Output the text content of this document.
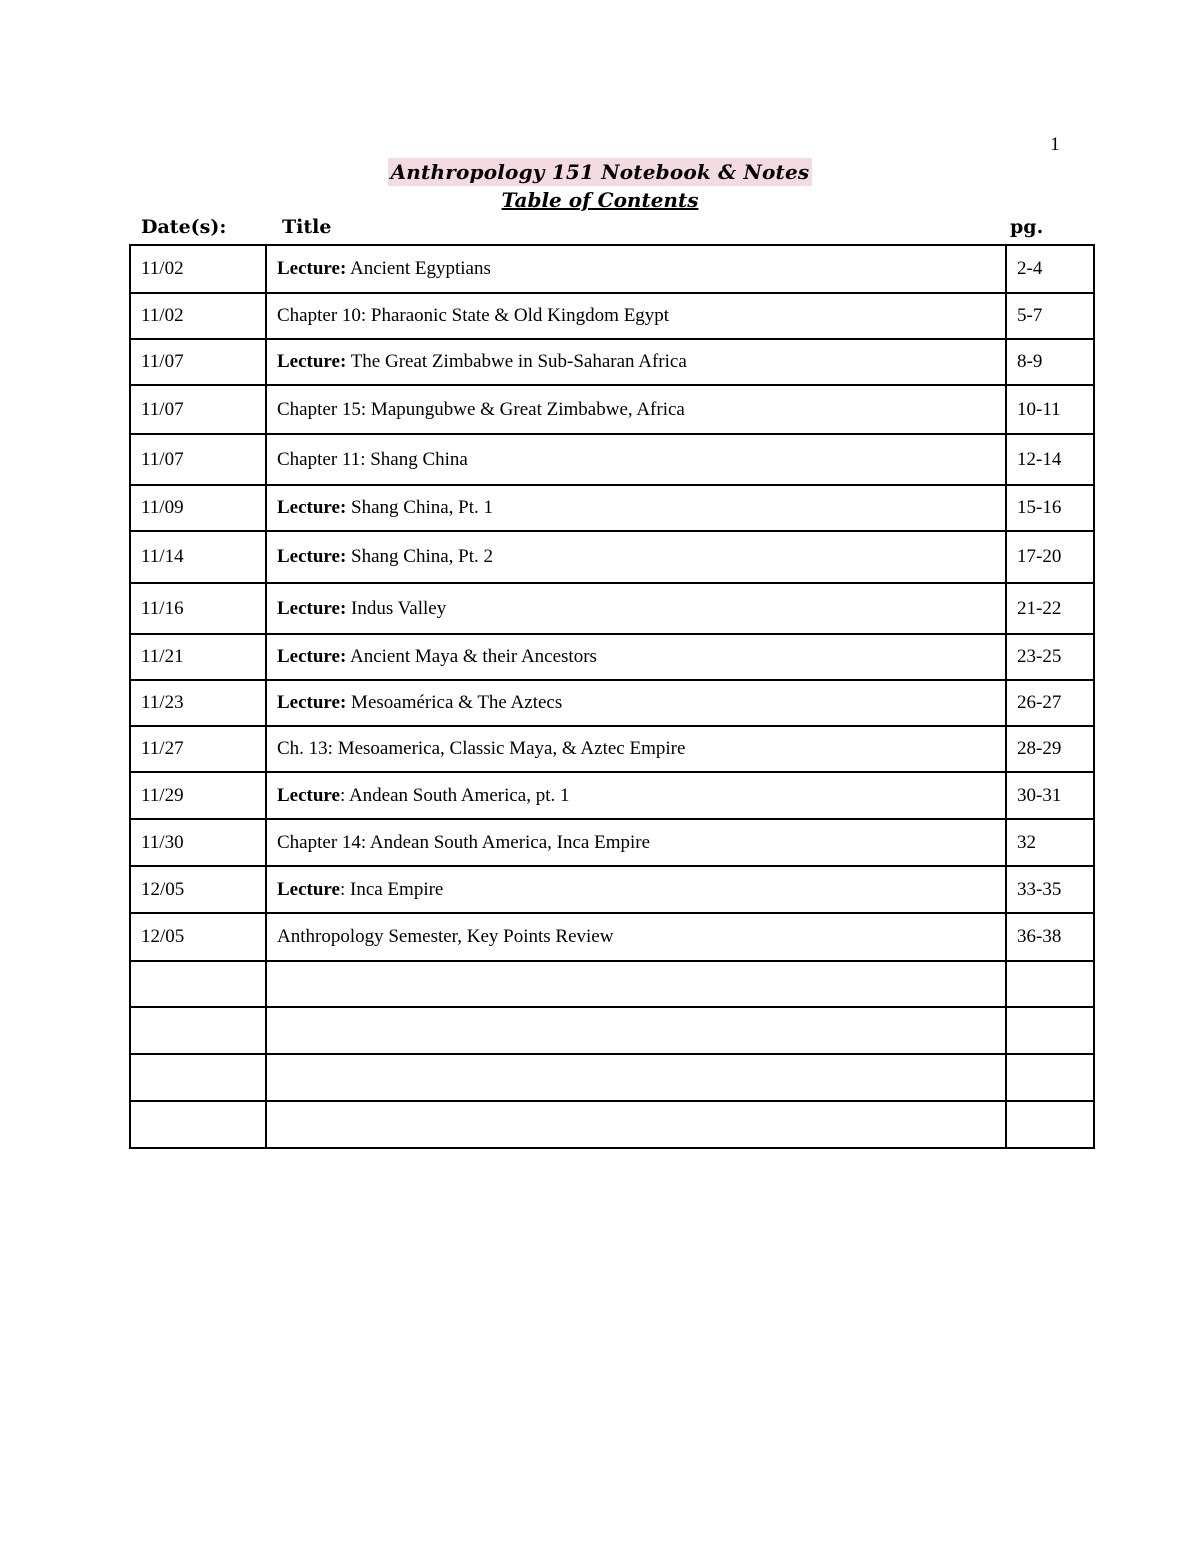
1
Anthropology 151 Notebook & Notes
Table of Contents
Date(s):	Title	pg.
11/02	Lecture: Ancient Egyptians	2-4
11/02	Chapter 10: Pharaonic State & Old Kingdom Egypt	5-7
11/07	Lecture: The Great Zimbabwe in Sub-Saharan Africa	8-9
11/07	Chapter 15: Mapungubwe & Great Zimbabwe, Africa	10-11
11/07	Chapter 11: Shang China	12-14
11/09	Lecture: Shang China, Pt. 1	15-16
11/14	Lecture: Shang China, Pt. 2	17-20
11/16	Lecture: Indus Valley	21-22
11/21	Lecture: Ancient Maya & their Ancestors	23-25
11/23	Lecture: Mesoamérica & The Aztecs	26-27
11/27	Ch. 13: Mesoamerica, Classic Maya, & Aztec Empire	28-29
11/29	Lecture: Andean South America, pt. 1	30-31
11/30	Chapter 14: Andean South America, Inca Empire	32
12/05	Lecture: Inca Empire	33-35
12/05	Anthropology Semester, Key Points Review	36-38
